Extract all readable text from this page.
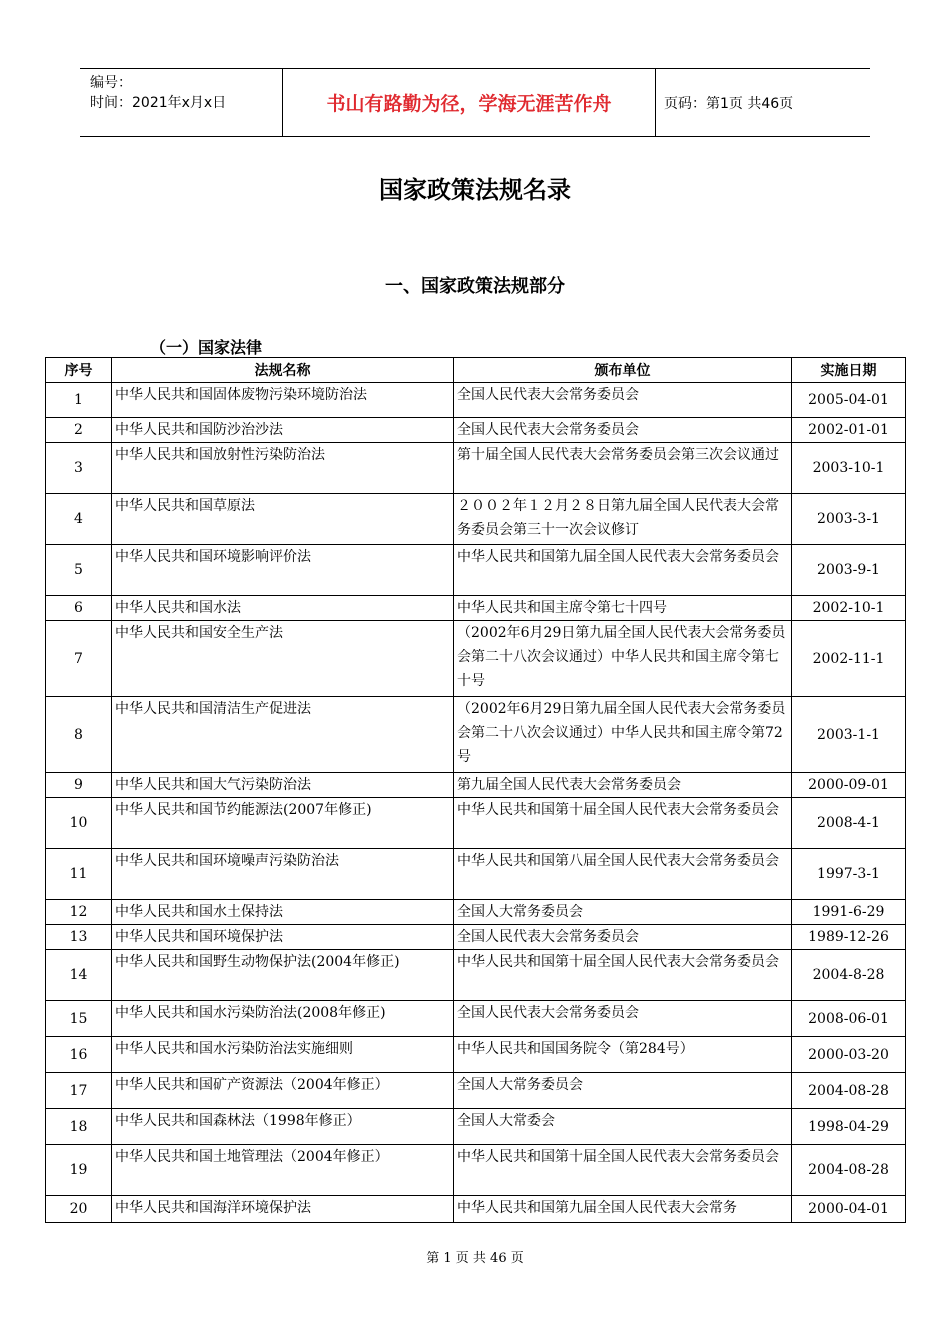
编号：
时间：2021年x月x日	书山有路勤为径，学海无涯苦作舟	页码：第1页 共46页
国家政策法规名录
一、国家政策法规部分
（一）国家法律
序号	法规名称	颁布单位	实施日期
1	中华人民共和国固体废物污染环境防治法	全国人民代表大会常务委员会	2005-04-01
2	中华人民共和国防沙治沙法	全国人民代表大会常务委员会	2002-01-01
3	中华人民共和国放射性污染防治法	第十届全国人民代表大会常务委员会第三次会议通过	2003-10-1
4	中华人民共和国草原法	２００２年１２月２８日第九届全国人民代表大会常务委员会第三十一次会议修订	2003-3-1
5	中华人民共和国环境影响评价法	中华人民共和国第九届全国人民代表大会常务委员会	2003-9-1
6	中华人民共和国水法	中华人民共和国主席令第七十四号	2002-10-1
7	中华人民共和国安全生产法	（2002年6月29日第九届全国人民代表大会常务委员会第二十八次会议通过）中华人民共和国主席令第七十号	2002-11-1
8	中华人民共和国清洁生产促进法	（2002年6月29日第九届全国人民代表大会常务委员会第二十八次会议通过）中华人民共和国主席令第72号	2003-1-1
9	中华人民共和国大气污染防治法	第九届全国人民代表大会常务委员会	2000-09-01
10	中华人民共和国节约能源法(2007年修正)	中华人民共和国第十届全国人民代表大会常务委员会	2008-4-1
11	中华人民共和国环境噪声污染防治法	中华人民共和国第八届全国人民代表大会常务委员会	1997-3-1
12	中华人民共和国水土保持法	全国人大常务委员会	1991-6-29
13	中华人民共和国环境保护法	全国人民代表大会常务委员会	1989-12-26
14	中华人民共和国野生动物保护法(2004年修正)	中华人民共和国第十届全国人民代表大会常务委员会	2004-8-28
15	中华人民共和国水污染防治法(2008年修正)	全国人民代表大会常务委员会	2008-06-01
16	中华人民共和国水污染防治法实施细则	中华人民共和国国务院令（第284号）	2000-03-20
17	中华人民共和国矿产资源法（2004年修正）	全国人大常务委员会	2004-08-28
18	中华人民共和国森林法（1998年修正）	全国人大常委会	1998-04-29
19	中华人民共和国土地管理法（2004年修正）	中华人民共和国第十届全国人民代表大会常务委员会	2004-08-28
20	中华人民共和国海洋环境保护法	中华人民共和国第九届全国人民代表大会常务	2000-04-01
第 1 页 共 46 页
